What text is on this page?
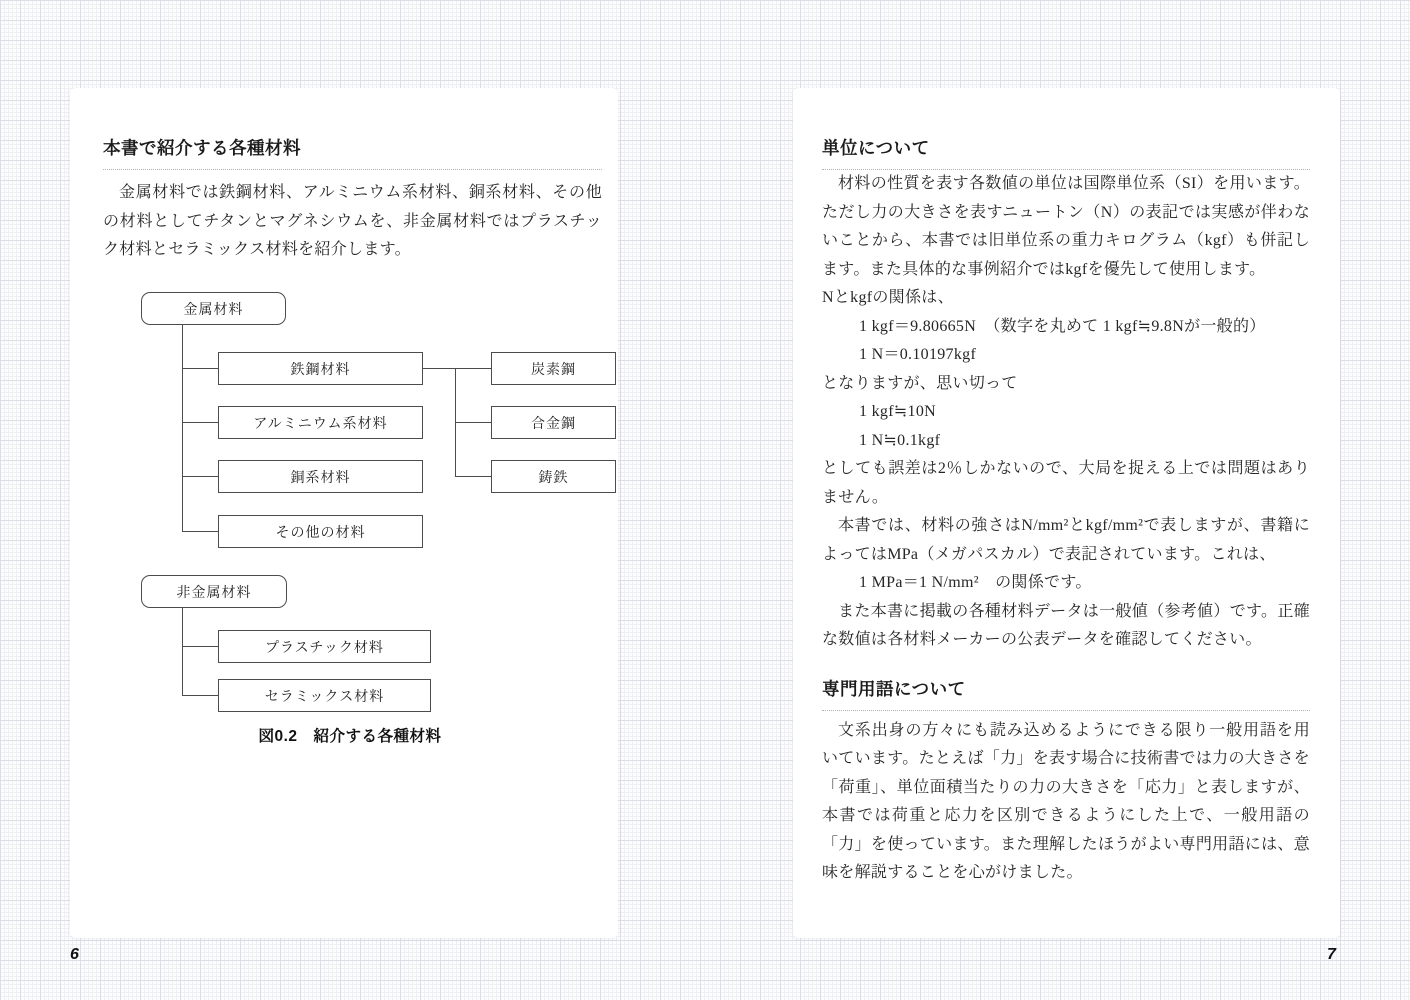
本書で紹介する各種材料

金属材料では鉄鋼材料、アルミニウム系材料、銅系材料、その他の材料としてチタンとマグネシウムを、非金属材料ではプラスチック材料とセラミックス材料を紹介します。

金属材料
鉄鋼材料
アルミニウム系材料
銅系材料
その他の材料
炭素鋼
合金鋼
鋳鉄
非金属材料
プラスチック材料
セラミックス材料
図0.2　紹介する各種材料
単位について

材料の性質を表す各数値の単位は国際単位系（SI）を用います。ただし力の大きさを表すニュートン（N）の表記では実感が伴わないことから、本書では旧単位系の重力キログラム（kgf）も併記します。また具体的な事例紹介ではkgfを優先して使用します。

Nとkgfの関係は、
1 kgf＝9.80665N　（数字を丸めて 1 kgf≒9.8Nが一般的）
1 N＝0.10197kgf
となりますが、思い切って
1 kgf≒10N
1 N≒0.1kgf

としても誤差は2％しかないので、大局を捉える上では問題はありません。

本書では、材料の強さはN/mm²とkgf/mm²で表しますが、書籍によってはMPa（メガパスカル）で表記されています。これは、

1 MPa＝1 N/mm²　の関係です。

また本書に掲載の各種材料データは一般値（参考値）です。正確な数値は各材料メーカーの公表データを確認してください。

専門用語について

文系出身の方々にも読み込めるようにできる限り一般用語を用いています。たとえば「力」を表す場合に技術書では力の大きさを「荷重」、単位面積当たりの力の大きさを「応力」と表しますが、本書では荷重と応力を区別できるようにした上で、一般用語の「力」を使っています。また理解したほうがよい専門用語には、意味を解説することを心がけました。

6	7
